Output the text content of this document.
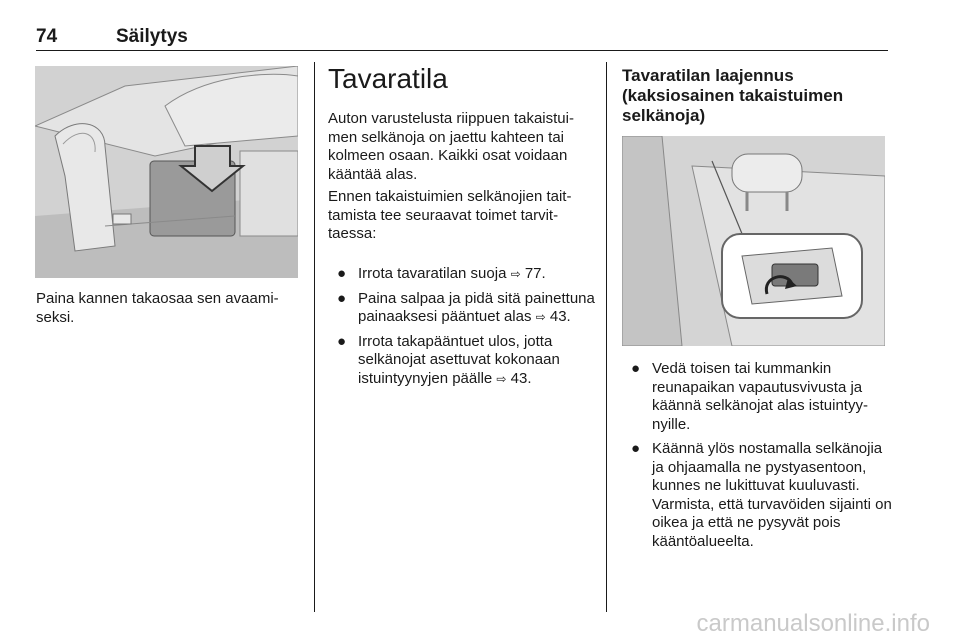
74	Säilytys
Paina kannen takaosaa sen avaamiseksi.
Tavaratila
Auton varustelusta riippuen takaistuimen selkänoja on jaettu kahteen tai kolmeen osaan. Kaikki osat voidaan kääntää alas.
Ennen takaistuimien selkänojien taittamista tee seuraavat toimet tarvittaessa:
● Irrota tavaratilan suoja ⇨ 77.
● Paina salpaa ja pidä sitä painettuna painaaksesi pääntuet alas ⇨ 43.
● Irrota takapääntuet ulos, jotta selkänojat asettuvat kokonaan istuintyynyjen päälle ⇨ 43.
Tavaratilan laajennus (kaksiosainen takaistuimen selkänoja)
● Vedä toisen tai kummankin reunapaikan vapautusvivusta ja käännä selkänojat alas istuintyynyille.
● Käännä ylös nostamalla selkänojia ja ohjaamalla ne pystyasentoon, kunnes ne lukittuvat kuuluvasti. Varmista, että turvavöiden sijainti on oikea ja että ne pysyvät pois kääntöalueelta.
carmanualsonline.info
